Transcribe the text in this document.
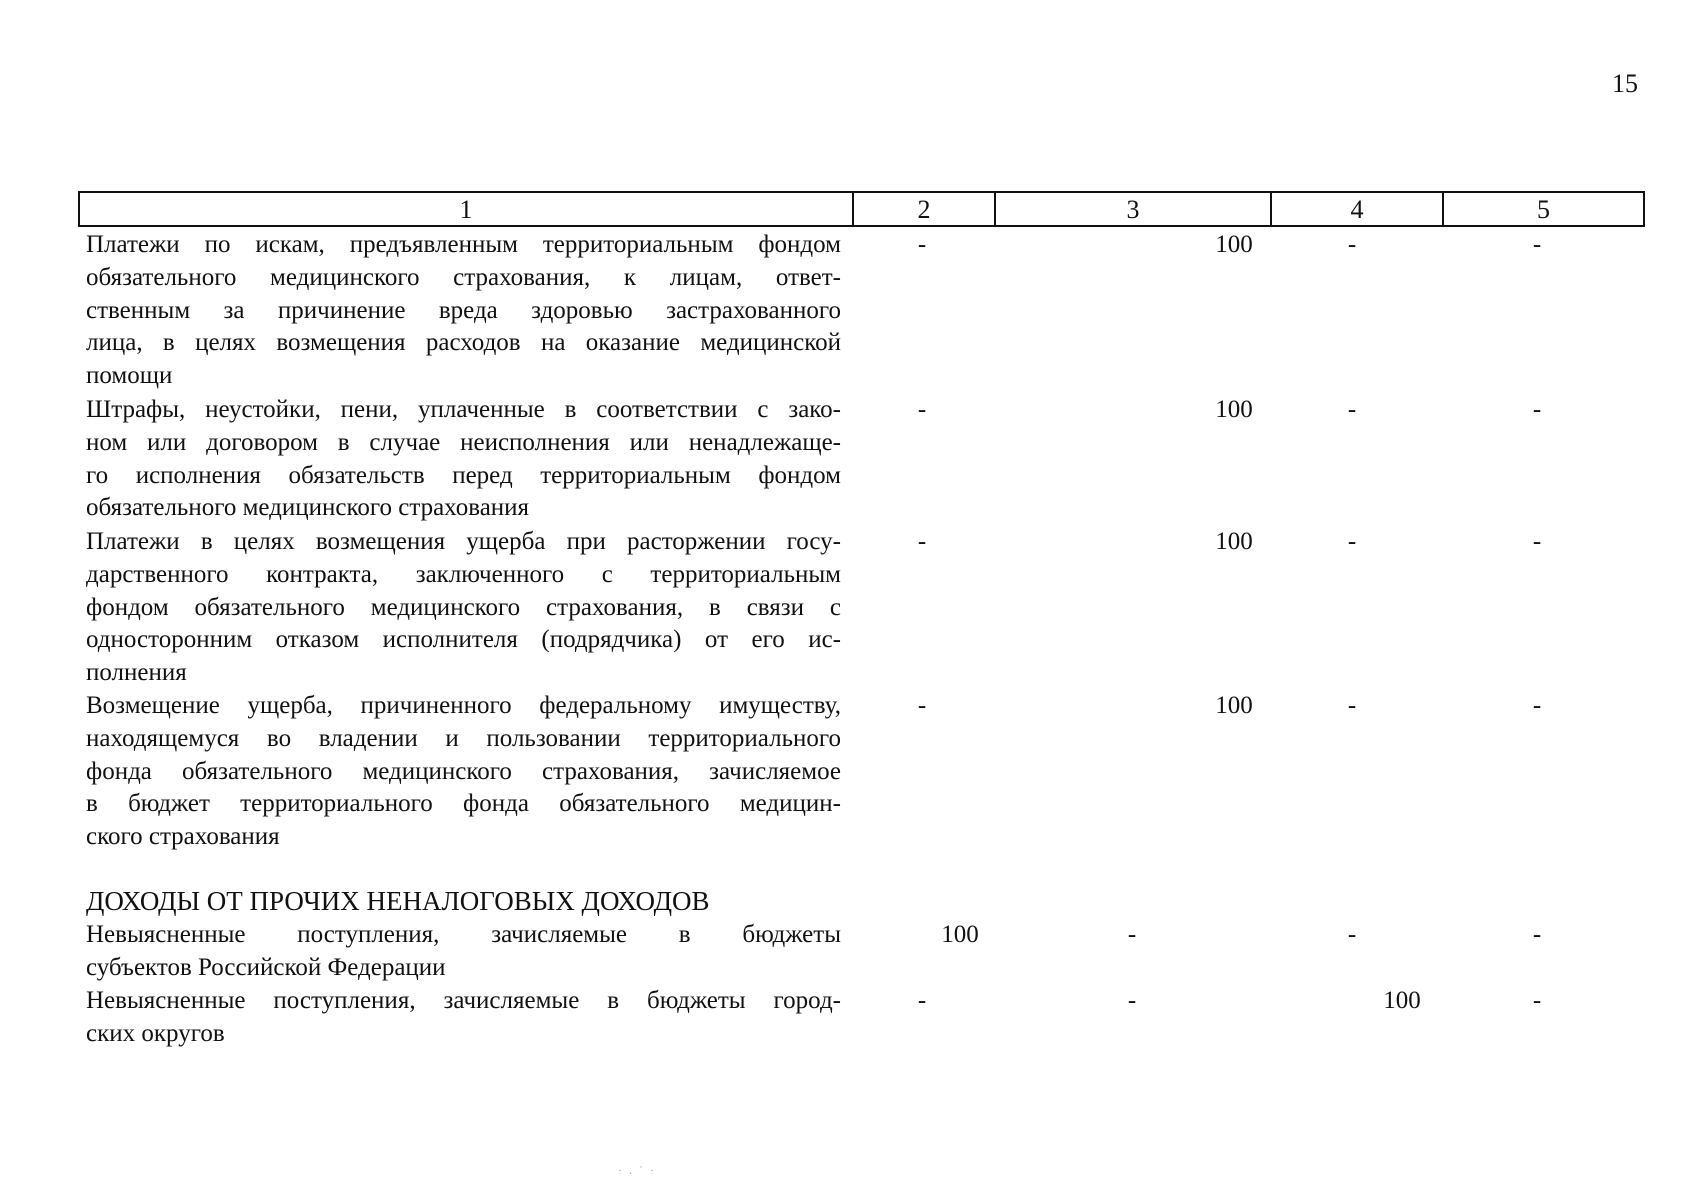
15
1	2	3	4	5
Платежи по искам, предъявленным территориальным фондом
обязательного медицинского страхования, к лицам, ответ-
ственным за причинение вреда здоровью застрахованного
лица, в целях возмещения расходов на оказание медицинской
помощи
-	100	-	-
Штрафы, неустойки, пени, уплаченные в соответствии с зако-
ном или договором в случае неисполнения или ненадлежаще-
го исполнения обязательств перед территориальным фондом
обязательного медицинского страхования
-	100	-	-
Платежи в целях возмещения ущерба при расторжении госу-
дарственного контракта, заключенного с территориальным
фондом обязательного медицинского страхования, в связи с
односторонним отказом исполнителя (подрядчика) от его ис-
полнения
-	100	-	-
Возмещение ущерба, причиненного федеральному имуществу,
находящемуся во владении и пользовании территориального
фонда обязательного медицинского страхования, зачисляемое
в бюджет территориального фонда обязательного медицин-
ского страхования
-	100	-	-
ДОХОДЫ ОТ ПРОЧИХ НЕНАЛОГОВЫХ ДОХОДОВ
Невыясненные поступления, зачисляемые в бюджеты
субъектов Российской Федерации
100	-	-	-
Невыясненные поступления, зачисляемые в бюджеты город-
ских округов
-	-	100	-
· . ˙ ·
